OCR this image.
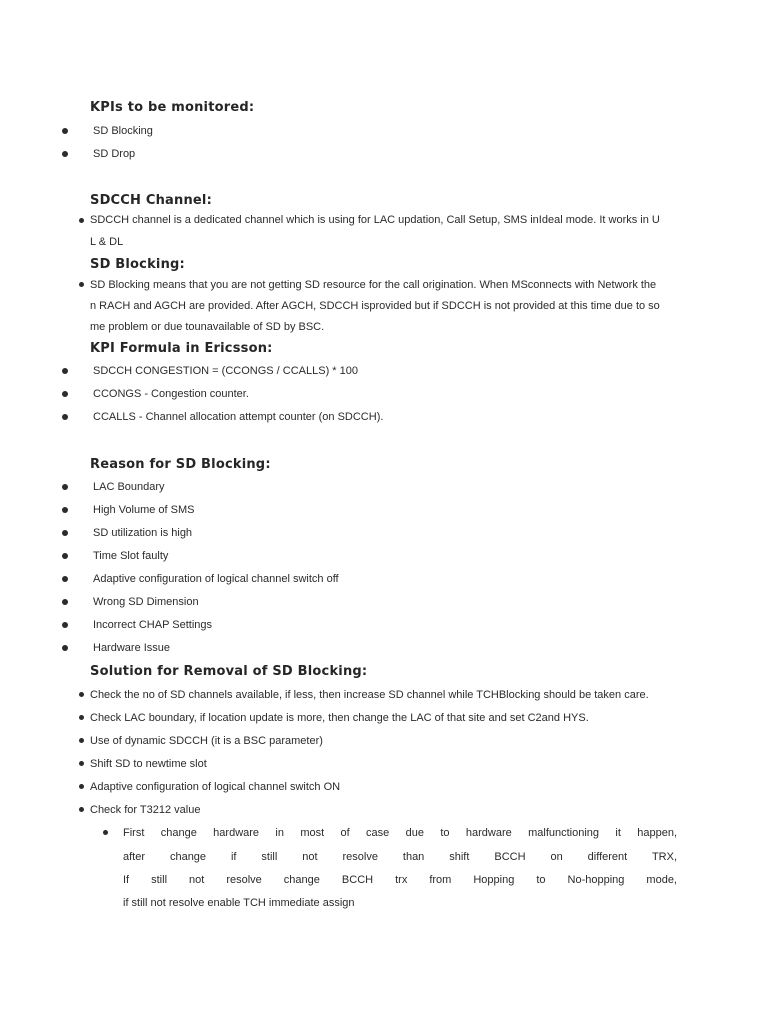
KPIs to be monitored:
SD Blocking
SD Drop
SDCCH Channel:
SDCCH channel is a dedicated channel which is using for LAC updation, Call Setup, SMS inIdeal mode. It works in U
L & DL
SD Blocking:
SD Blocking means that you are not getting SD resource for the call origination. When MSconnects with Network the
n RACH and AGCH are provided. After AGCH, SDCCH isprovided but if SDCCH is not provided at this time due to so
me problem or due tounavailable of SD by BSC.
KPI Formula in Ericsson:
SDCCH CONGESTION = (CCONGS / CCALLS) * 100
CCONGS - Congestion counter.
CCALLS - Channel allocation attempt counter (on SDCCH).
Reason for SD Blocking:
LAC Boundary
High Volume of SMS
SD utilization is high
Time Slot faulty
Adaptive configuration of logical channel switch off
Wrong SD Dimension
Incorrect CHAP Settings
Hardware Issue
Solution for Removal of SD Blocking:
Check the no of SD channels available, if less, then increase SD channel while TCHBlocking should be taken care.
Check LAC boundary, if location update is more, then change the LAC of that site and set C2and HYS.
Use of dynamic SDCCH (it is a BSC parameter)
Shift SD to newtime slot
Adaptive configuration of logical channel switch ON
Check for T3212 value
First change hardware in most of case due to hardware malfunctioning it happen,
after change if still not resolve than shift BCCH on different TRX,
If still not resolve change BCCH trx from Hopping to No-hopping mode,
if still not resolve enable TCH immediate assign
